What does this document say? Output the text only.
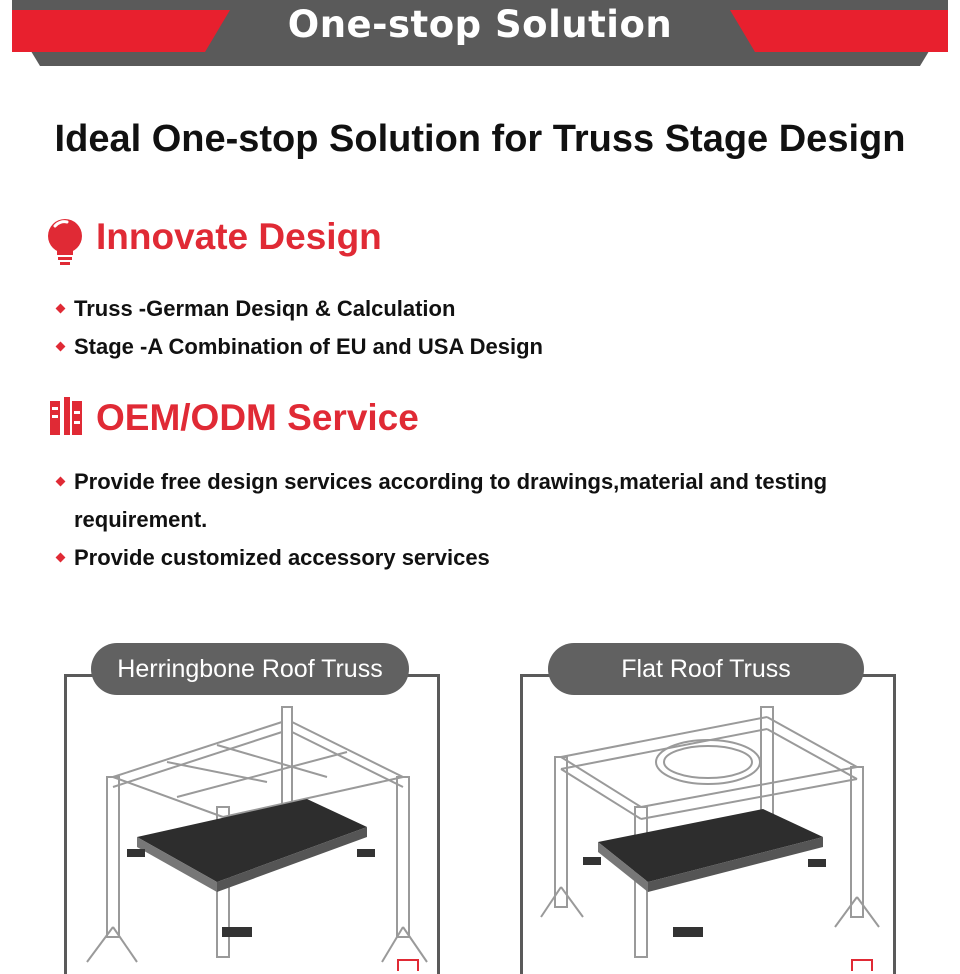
One-stop Solution
Ideal One-stop Solution for Truss Stage Design
Innovate Design
Truss -German Desiqn & Calculation
Stage -A Combination of EU and USA Design
OEM/ODM Service
Provide free design services according to drawings,material and testing requirement.
Provide customized accessory services
Herringbone Roof Truss	Flat Roof Truss
